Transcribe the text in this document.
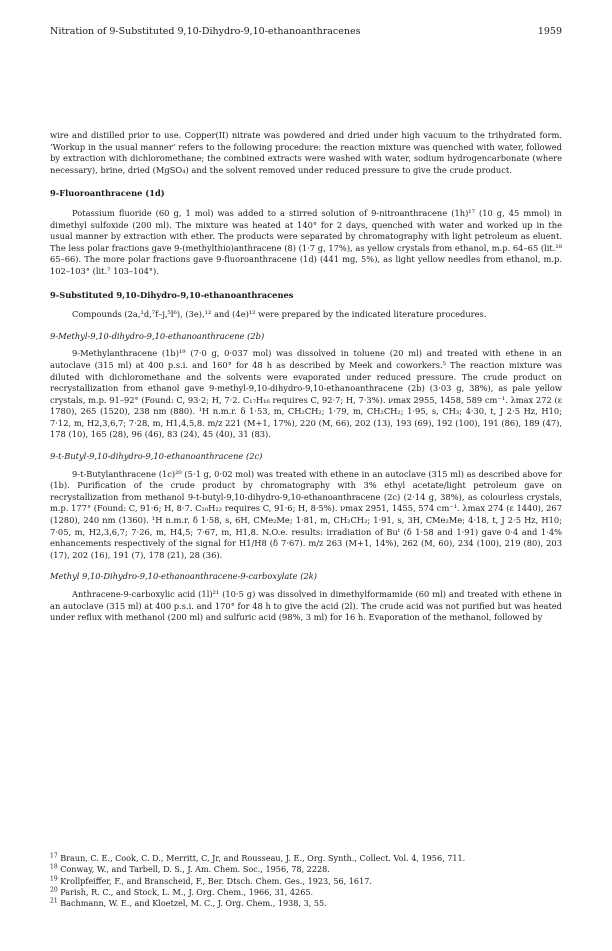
Nitration of 9-Substituted 9,10-Dihydro-9,10-ethanoanthracenes	1959

wire and distilled prior to use. Copper(II) nitrate was powdered and dried under high vacuum to the trihydrated form. ‘Workup in the usual manner’ refers to the following procedure: the reaction mixture was quenched with water, followed by extraction with dichloromethane; the combined extracts were washed with water, sodium hydrogencarbonate (where necessary), brine, dried (MgSO₄) and the solvent removed under reduced pressure to give the crude product.

9-Fluoroanthracene (1d)

Potassium fluoride (60 g, 1 mol) was added to a stirred solution of 9-nitroanthracene (1h)¹⁷ (10 g, 45 mmol) in dimethyl sulfoxide (200 ml). The mixture was heated at 140° for 2 days, quenched with water and worked up in the usual manner by extraction with ether. The products were separated by chromatography with light petroleum as eluent. The less polar fractions gave 9-(methylthio)anthracene (8) (1·7 g, 17%), as yellow crystals from ethanol, m.p. 64–65 (lit.¹⁸ 65–66). The more polar fractions gave 9-fluoroanthracene (1d) (441 mg, 5%), as light yellow needles from ethanol, m.p. 102–103° (lit.⁷ 103–104°).

9-Substituted 9,10-Dihydro-9,10-ethanoanthracenes

Compounds (2a,¹d,⁷f–j,⁵l⁶), (3e),¹² and (4e)¹² were prepared by the indicated literature procedures.

9-Methyl-9,10-dihydro-9,10-ethanoanthracene (2b)

9-Methylanthracene (1b)¹⁹ (7·0 g, 0·037 mol) was dissolved in toluene (20 ml) and treated with ethene in an autoclave (315 ml) at 400 p.s.i. and 160° for 48 h as described by Meek and coworkers.⁵ The reaction mixture was diluted with dichloromethane and the solvents were evaporated under reduced pressure. The crude product on recrystallization from ethanol gave 9-methyl-9,10-dihydro-9,10-ethanoanthracene (2b) (3·03 g, 38%), as pale yellow crystals, m.p. 91–92° (Found: C, 93·2; H, 7·2. C₁₇H₁₆ requires C, 92·7; H, 7·3%). νmax 2955, 1458, 589 cm⁻¹. λmax 272 (ε 1780), 265 (1520), 238 nm (880). ¹H n.m.r. δ 1·53, m, CH₂CH₂; 1·79, m, CH₂CH₂; 1·95, s, CH₃; 4·30, t, J 2·5 Hz, H10; 7·12, m, H2,3,6,7; 7·28, m, H1,4,5,8. m/z 221 (M+1, 17%), 220 (M, 66), 202 (13), 193 (69), 192 (100), 191 (86), 189 (47), 178 (10), 165 (28), 96 (46), 83 (24), 45 (40), 31 (83).

9-t-Butyl-9,10-dihydro-9,10-ethanoanthracene (2c)

9-t-Butylanthracene (1c)²⁰ (5·1 g, 0·02 mol) was treated with ethene in an autoclave (315 ml) as described above for (1b). Purification of the crude product by chromatography with 3% ethyl acetate/light petroleum gave on recrystallization from methanol 9-t-butyl-9,10-dihydro-9,10-ethanoanthracene (2c) (2·14 g, 38%), as colourless crystals, m.p. 177° (Found: C, 91·6; H, 8·7. C₂₀H₂₂ requires C, 91·6; H, 8·5%). νmax 2951, 1455, 574 cm⁻¹. λmax 274 (ε 1440), 267 (1280), 240 nm (1360). ¹H n.m.r. δ 1·58, s, 6H, CMe₂Me; 1·81, m, CH₂CH₂; 1·91, s, 3H, CMe₂Me; 4·18, t, J 2·5 Hz, H10; 7·05, m, H2,3,6,7; 7·26, m, H4,5; 7·67, m, H1,8. N.O.e. results: irradiation of Buᵗ (δ 1·58 and 1·91) gave 0·4 and 1·4% enhancements respectively of the signal for H1/H8 (δ 7·67). m/z 263 (M+1, 14%), 262 (M, 60), 234 (100), 219 (80), 203 (17), 202 (16), 191 (7), 178 (21), 28 (36).

Methyl 9,10-Dihydro-9,10-ethanoanthracene-9-carboxylate (2k)

Anthracene-9-carboxylic acid (1l)²¹ (10·5 g) was dissolved in dimethylformamide (60 ml) and treated with ethene in an autoclave (315 ml) at 400 p.s.i. and 170° for 48 h to give the acid (2l). The crude acid was not purified but was heated under reflux with methanol (200 ml) and sulfuric acid (98%, 3 ml) for 16 h. Evaporation of the methanol, followed by

$^{17}$ Braun, C. E., Cook, C. D., Merritt, C, Jr, and Rousseau, J. E., Org. Synth., Collect. Vol. 4, 1956, 711.

$^{18}$ Conway, W., and Tarbell, D. S., J. Am. Chem. Soc., 1956, 78, 2228.

$^{19}$ Krollpfeiffer, F., and Branscheid, F., Ber. Dtsch. Chem. Ges., 1923, 56, 1617.

$^{20}$ Parish, R. C., and Stock, L. M., J. Org. Chem., 1966, 31, 4265.

$^{21}$ Bachmann, W. E., and Kloetzel, M. C., J. Org. Chem., 1938, 3, 55.
